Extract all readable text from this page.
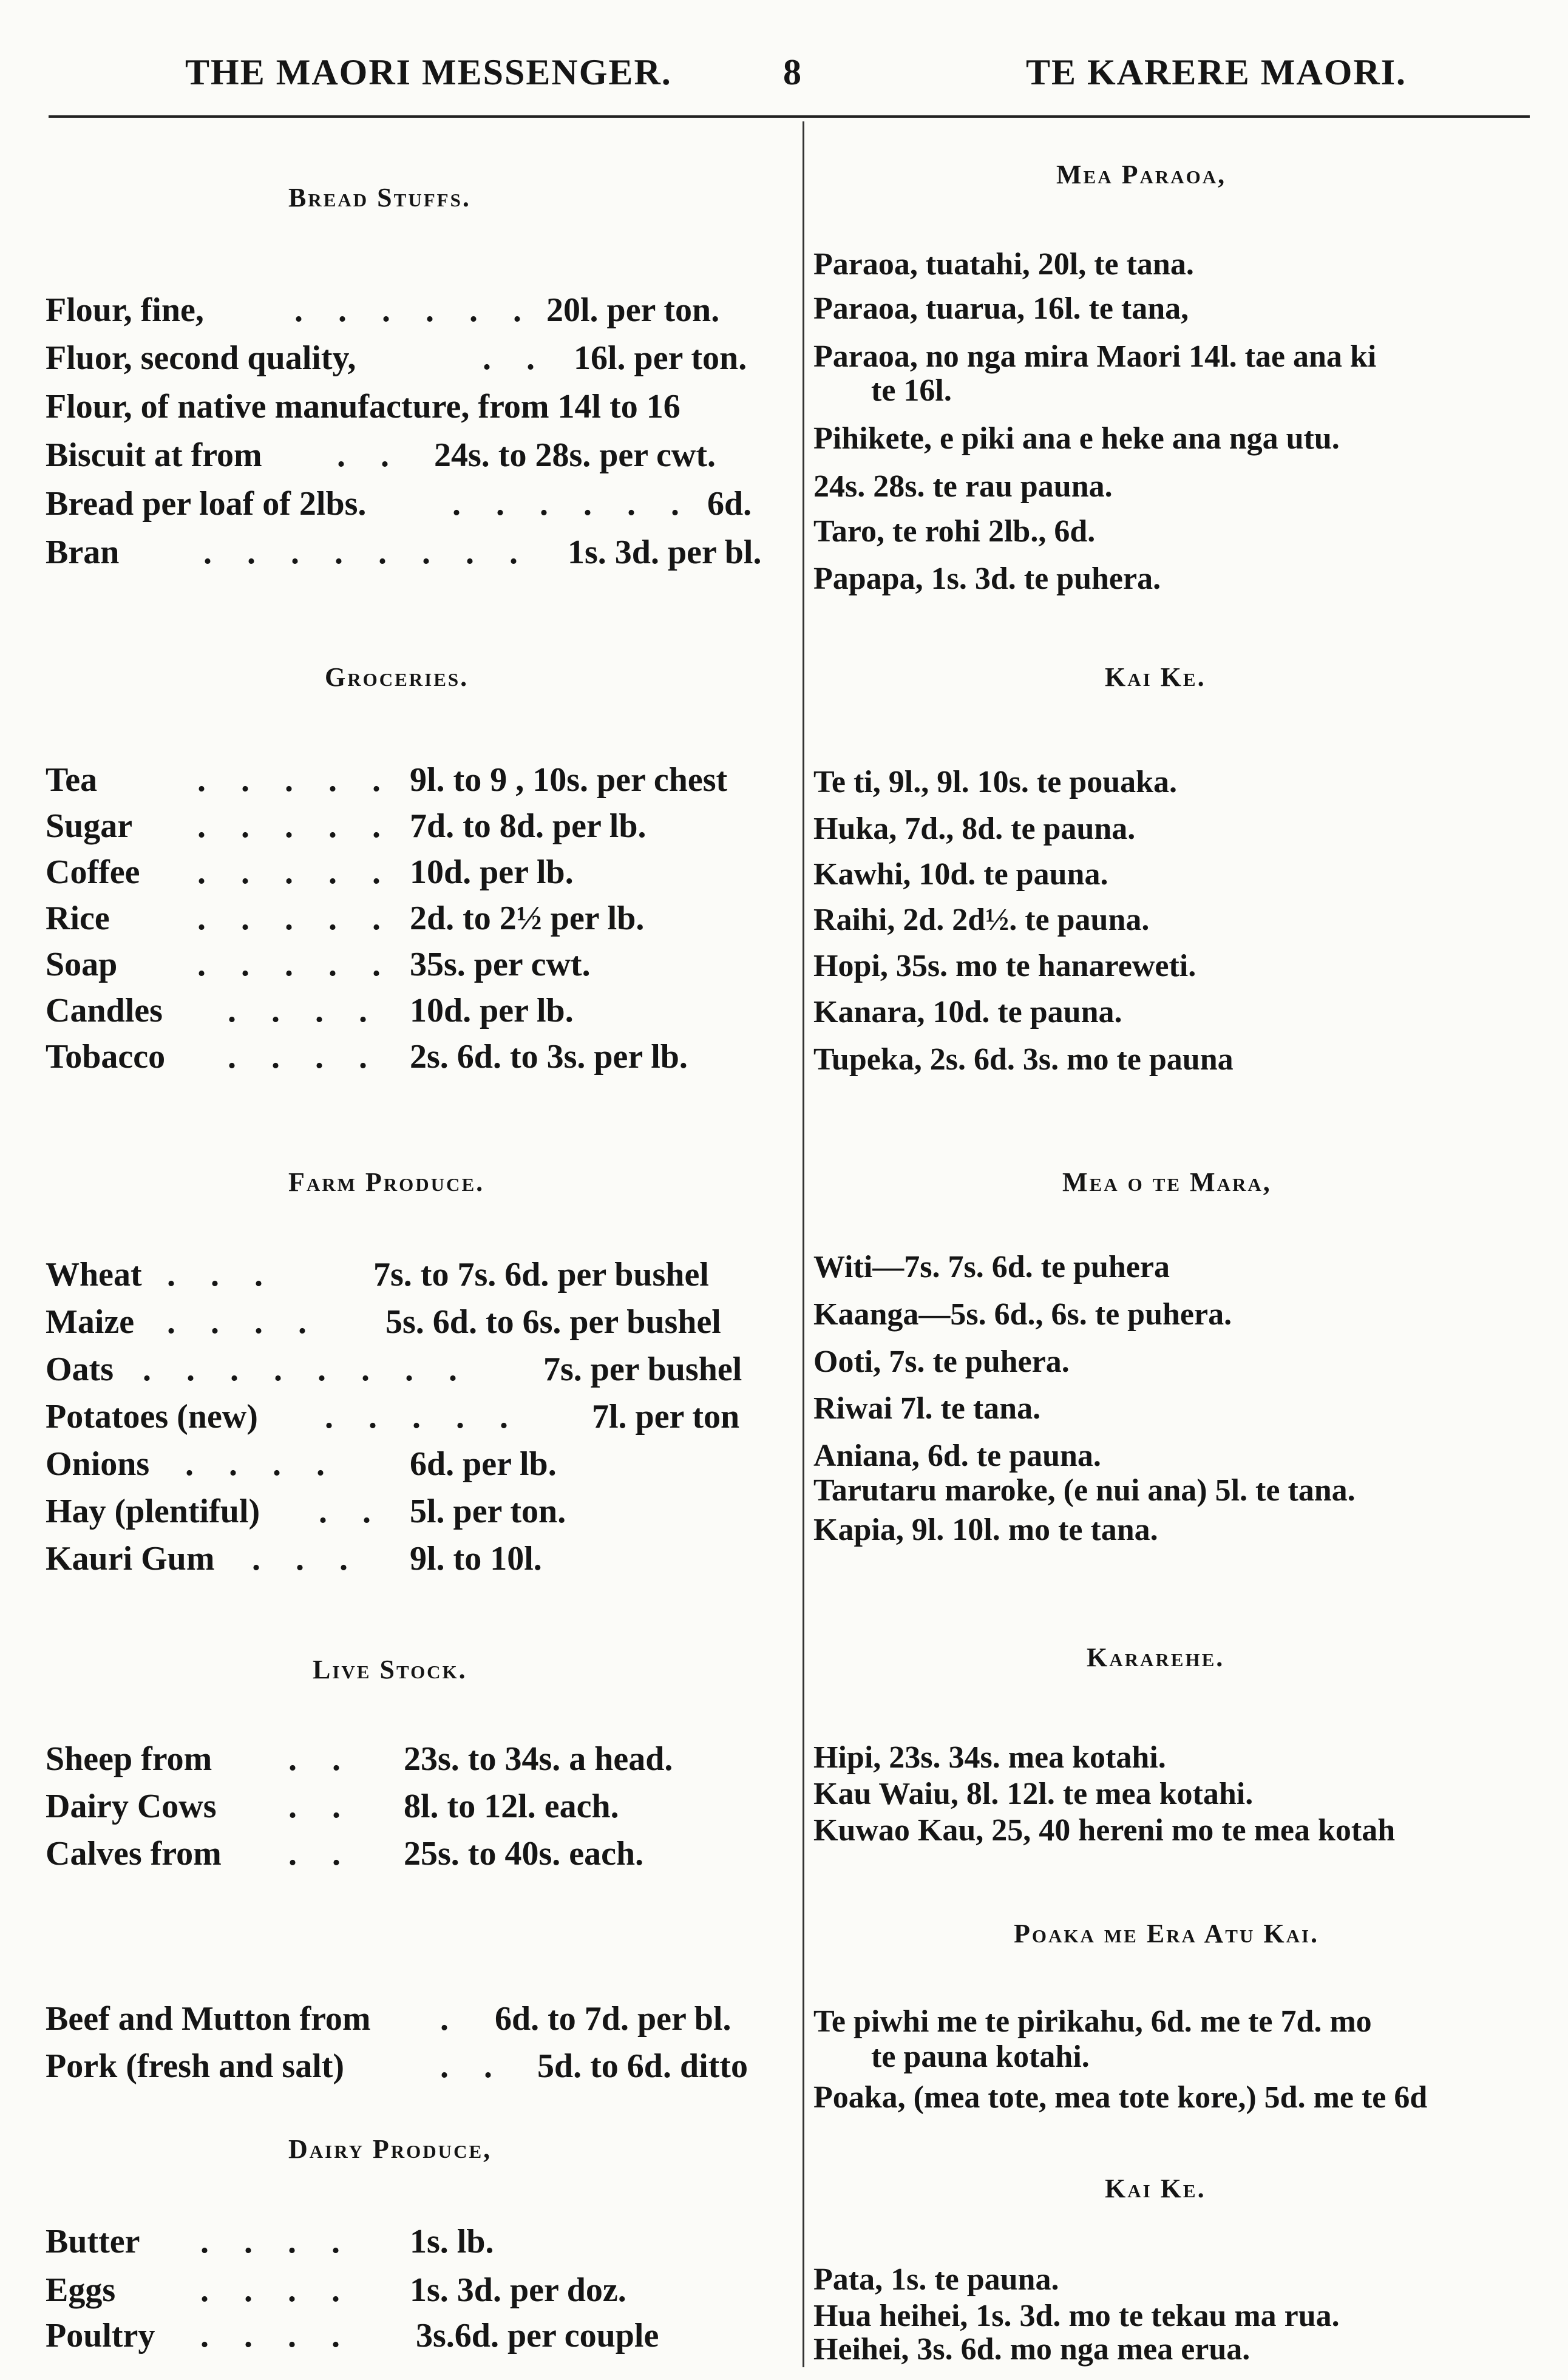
THE MAORI MESSENGER.	8	TE KARERE MAORI.
Bread Stuffs.
Flour, fine,	. . . . . . 20l. per ton.
Fluor, second quality,	. . 16l. per ton.
Flour, of native manufacture, from 14l to 16
Biscuit at from . . 24s. to 28s. per cwt.
Bread per loaf of 2lbs.	. . . . . . 6d.
Bran . . . . . . . . 1s. 3d. per bl.
Groceries.
Tea	. . . . . 9l. to 9 , 10s. per chest
Sugar . . . . . 7d. to 8d. per lb.
Coffee . . . . . 10d. per lb.
Rice	. . . . . 2d. to 2½ per lb.
Soap . . . . . 35s. per cwt.
Candles . . . . 10d. per lb.
Tobacco . . . . 2s. 6d. to 3s. per lb.
Farm Produce.
Wheat . . .	7s. to 7s. 6d. per bushel
Maize . . . . 5s. 6d. to 6s. per bushel
Oats . . . . . . . . 7s. per bushel
Potatoes (new) . . . . . 7l. per ton
Onions . . . . 6d. per lb.
Hay (plentiful) . . 5l. per ton.
Kauri Gum . . . 9l. to 10l.
Live Stock.
Sheep from . . 23s. to 34s. a head.
Dairy Cows . . 8l. to 12l. each.
Calves from . . 25s. to 40s. each.
Beef and Mutton from . 6d. to 7d. per bl.
Pork (fresh and salt)	. . 5d. to 6d. ditto
Dairy Produce,
Butter . . . . 1s. lb.
Eggs . . . . 1s. 3d. per doz.
Poultry . . . . 3s.6d. per couple
Mea Paraoa,
Paraoa, tuatahi, 20l, te tana.
Paraoa, tuarua, 16l. te tana,
Paraoa, no nga mira Maori 14l. tae ana ki
te 16l.
Pihikete, e piki ana e heke ana nga utu.
24s. 28s. te rau pauna.
Taro, te rohi 2lb., 6d.
Papapa, 1s. 3d. te puhera.
Kai Ke.
Te ti, 9l., 9l. 10s. te pouaka.
Huka, 7d., 8d. te pauna.
Kawhi, 10d. te pauna.
Raihi, 2d. 2d½. te pauna.
Hopi, 35s. mo te hanareweti.
Kanara, 10d. te pauna.
Tupeka, 2s. 6d. 3s. mo te pauna
Mea o te Mara,
Witi—7s. 7s. 6d. te puhera
Kaanga—5s. 6d., 6s. te puhera.
Ooti, 7s. te puhera.
Riwai 7l. te tana.
Aniana, 6d. te pauna.
Tarutaru maroke, (e nui ana) 5l. te tana.
Kapia, 9l. 10l. mo te tana.
Kararehe.
Hipi, 23s. 34s. mea kotahi.
Kau Waiu, 8l. 12l. te mea kotahi.
Kuwao Kau, 25, 40 hereni mo te mea kotah
Poaka me Era Atu Kai.
Te piwhi me te pirikahu, 6d. me te 7d. mo
te pauna kotahi.
Poaka, (mea tote, mea tote kore,) 5d. me te 6d
Kai Ke.
Pata, 1s. te pauna.
Hua heihei, 1s. 3d. mo te tekau ma rua.
Heihei, 3s. 6d. mo nga mea erua.
